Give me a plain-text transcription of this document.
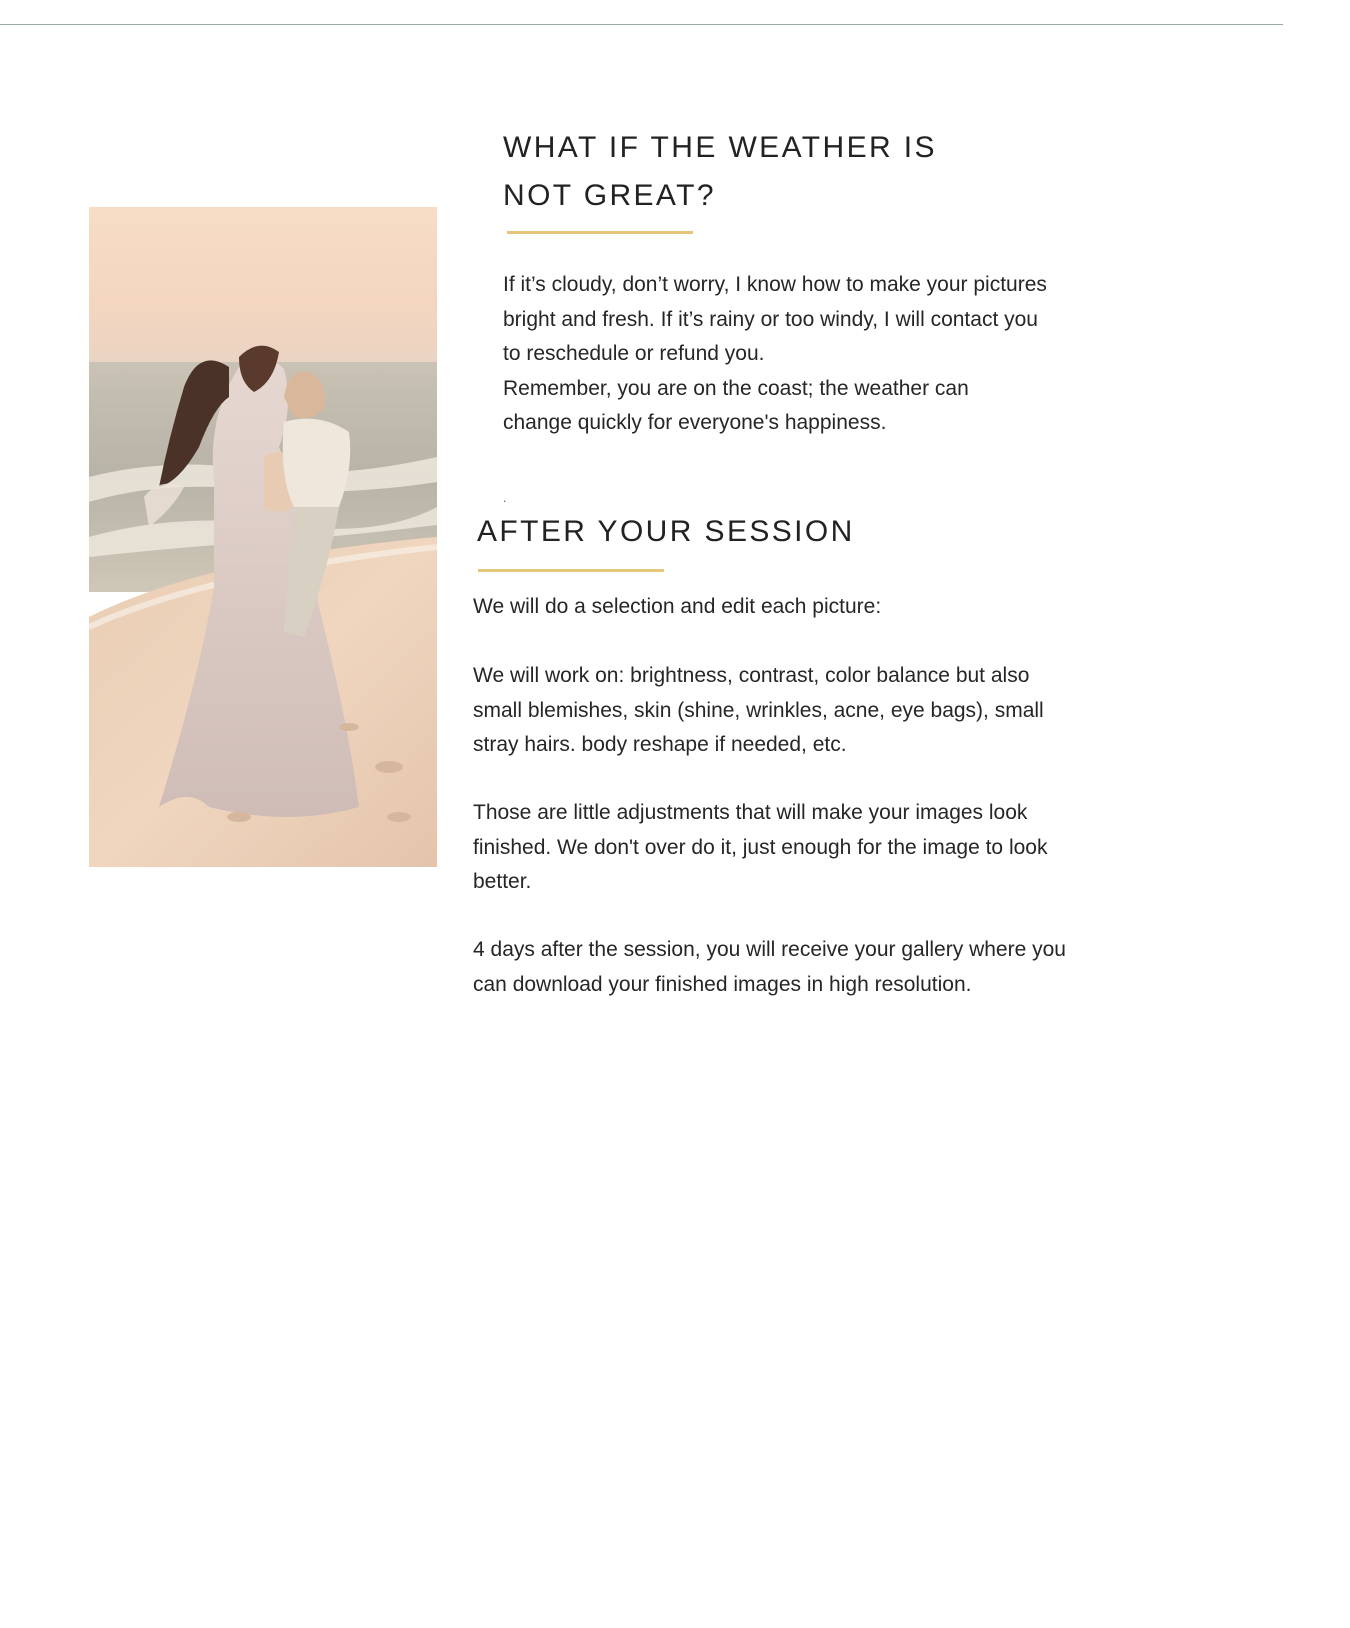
WHAT IF THE WEATHER IS
NOT GREAT?

If it’s cloudy, don’t worry, I know how to make your pictures
bright and fresh. If it’s rainy or too windy, I will contact you
to reschedule or refund you.
Remember, you are on the coast; the weather can
change quickly for everyone's happiness.

.
AFTER YOUR SESSION

We will do a selection and edit each picture:

We will work on: brightness, contrast, color balance but also
small blemishes, skin (shine, wrinkles, acne, eye bags), small
stray hairs. body reshape if needed, etc.

Those are little adjustments that will make your images look
finished. We don't over do it, just enough for the image to look
better.

4 days after the session, you will receive your gallery where you
can download your finished images in high resolution.
